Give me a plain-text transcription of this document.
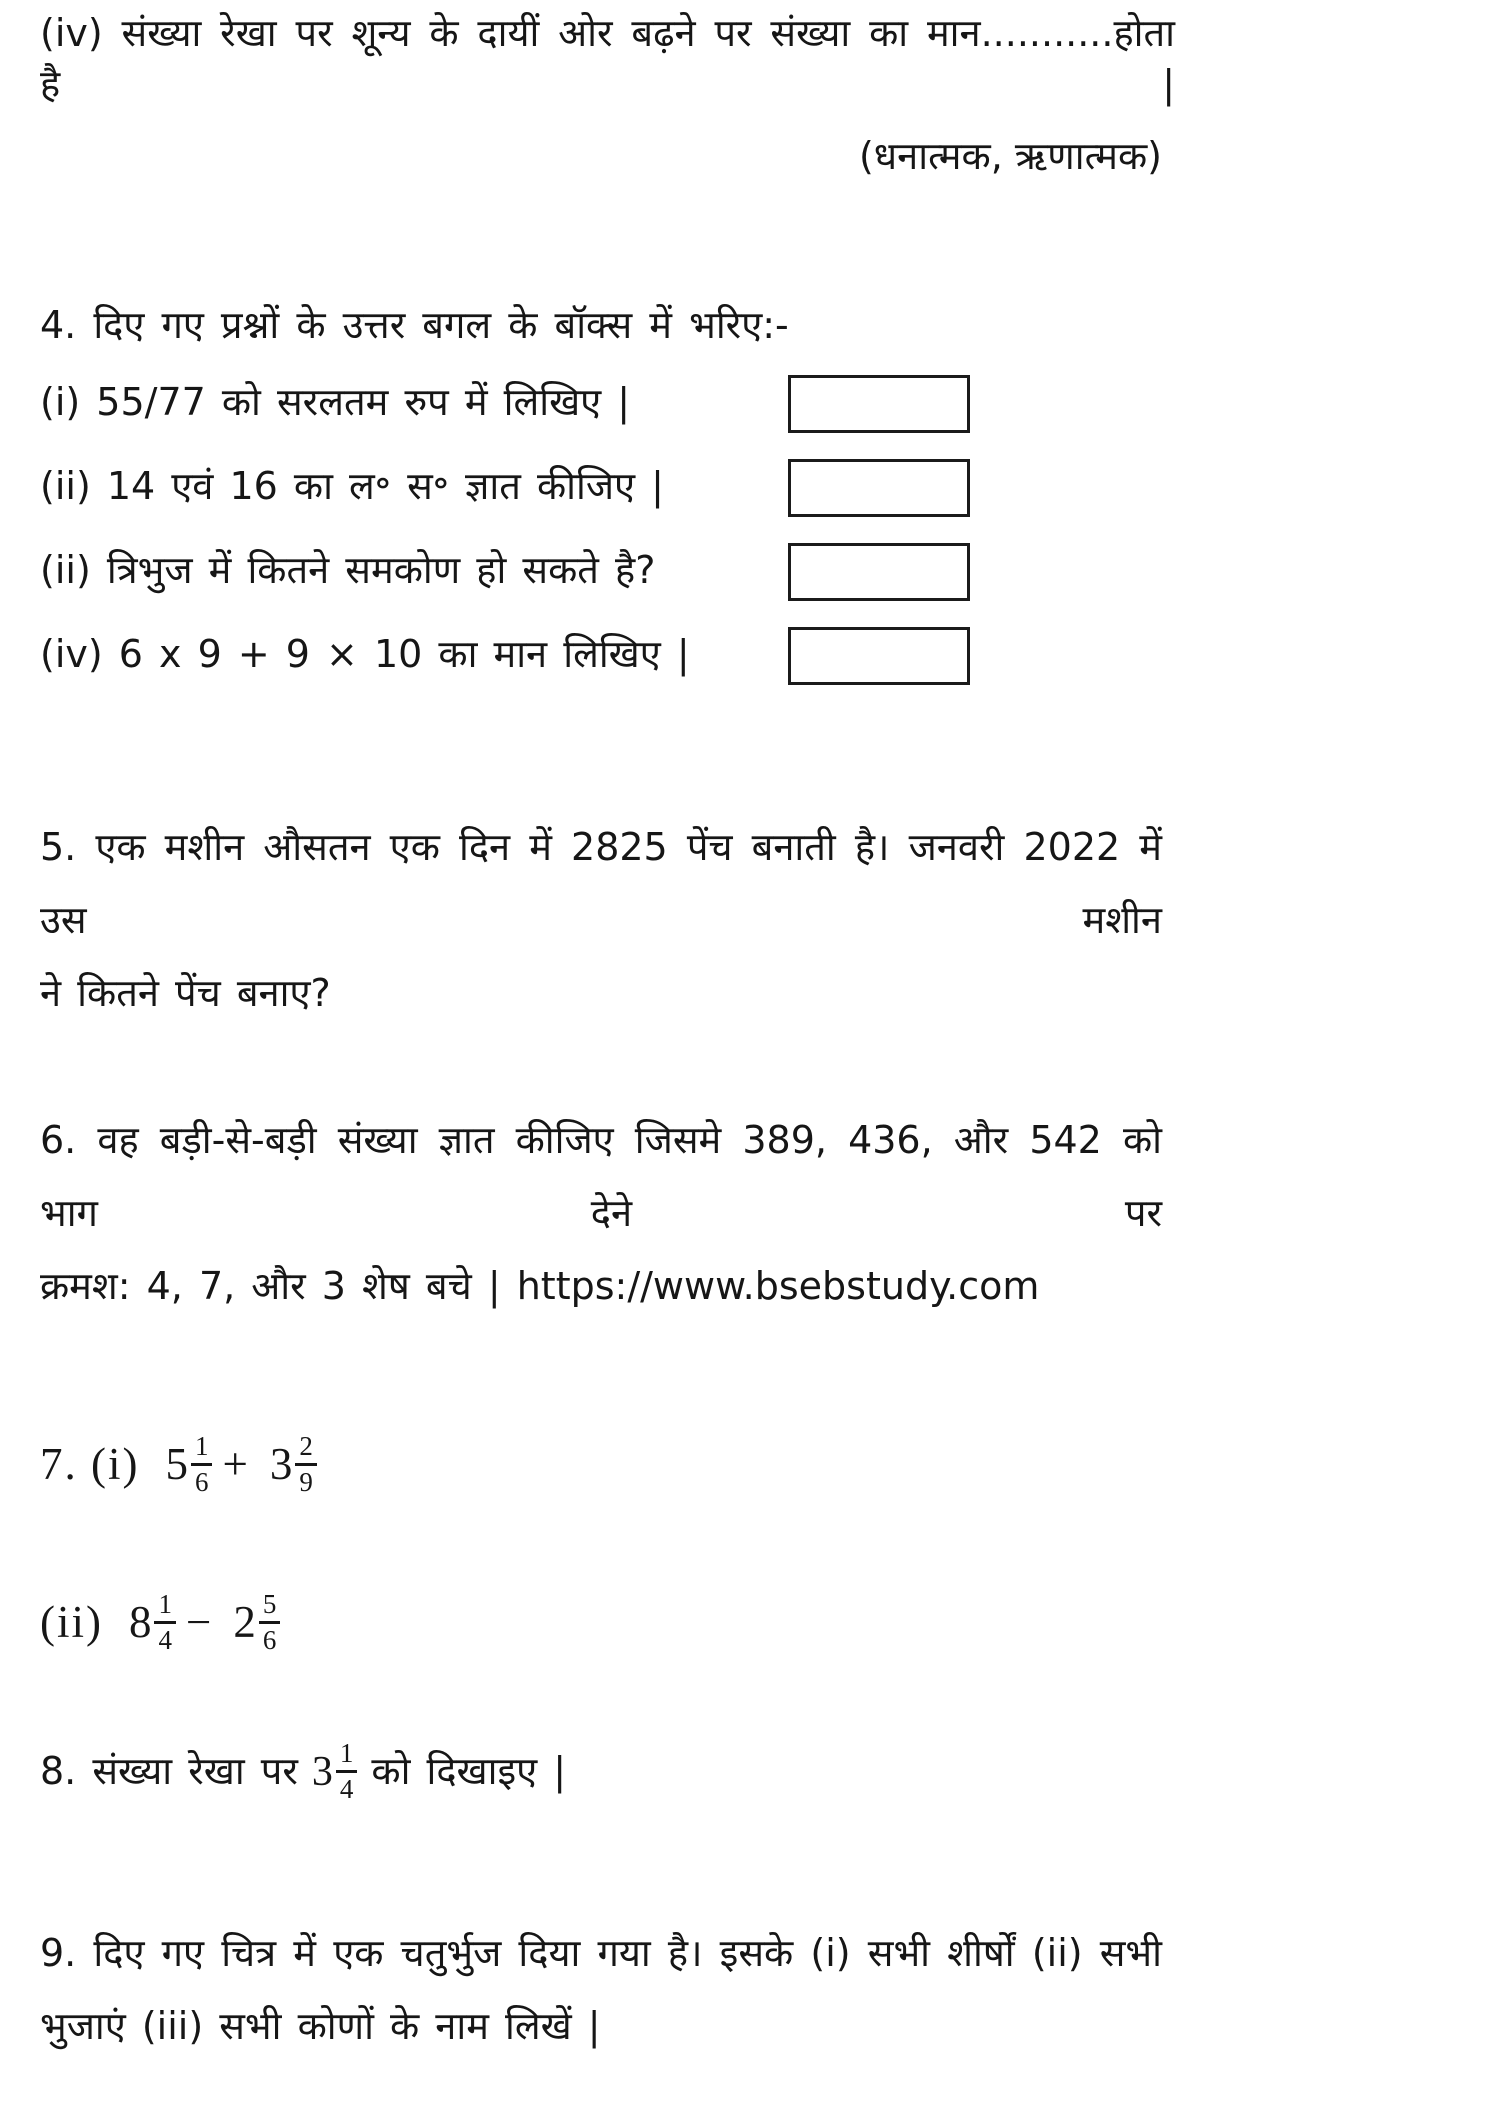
(iv) संख्या रेखा पर शून्य के दायीं ओर बढ़ने पर संख्या का मान...........होता है |
(धनात्मक, ऋणात्मक)
4. दिए गए प्रश्नों के उत्तर बगल के बॉक्स में भरिए:-
(i) 55/77 को सरलतम रुप में लिखिए |
(ii) 14 एवं 16 का ल॰ स॰ ज्ञात कीजिए |
(ii) त्रिभुज में कितने समकोण हो सकते है?
(iv) 6 x 9 + 9 × 10 का मान लिखिए |
5. एक मशीन औसतन एक दिन में 2825 पेंच बनाती है। जनवरी 2022 में उस मशीन
ने कितने पेंच बनाए?
6. वह बड़ी-से-बड़ी संख्या ज्ञात कीजिए जिसमे 389, 436, और 542 को भाग देने पर
क्रमश: 4, 7, और 3 शेष बचे | https://www.bsebstudy.com
7. (i) $5 \frac{1}{6} + 3 \frac{2}{9}$
(ii) $8 \frac{1}{4} - 2 \frac{5}{6}$
8. संख्या रेखा पर $3 \frac{1}{4}$ को दिखाइए |
9. दिए गए चित्र में एक चतुर्भुज दिया गया है। इसके (i) सभी शीर्षों (ii) सभी
भुजाएं (iii) सभी कोणों के नाम लिखें |
